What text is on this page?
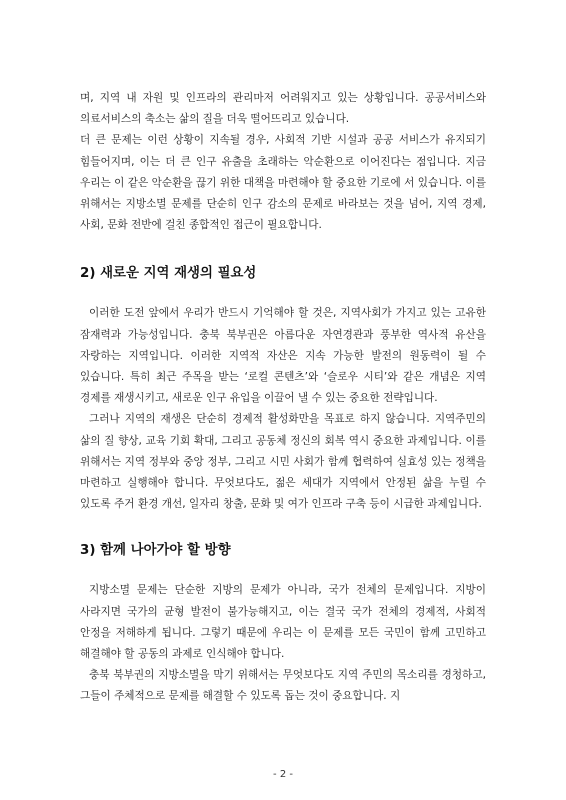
며, 지역 내 자원 및 인프라의 관리마저 어려워지고 있는 상황입니다. 공공서비스와 의료서비스의 축소는 삶의 질을 더욱 떨어뜨리고 있습니다.

더 큰 문제는 이런 상황이 지속될 경우, 사회적 기반 시설과 공공 서비스가 유지되기 힘들어지며, 이는 더 큰 인구 유출을 초래하는 악순환으로 이어진다는 점입니다. 지금 우리는 이 같은 악순환을 끊기 위한 대책을 마련해야 할 중요한 기로에 서 있습니다. 이를 위해서는 지방소멸 문제를 단순히 인구 감소의 문제로 바라보는 것을 넘어, 지역 경제, 사회, 문화 전반에 걸친 종합적인 접근이 필요합니다.

2) 새로운 지역 재생의 필요성

이러한 도전 앞에서 우리가 반드시 기억해야 할 것은, 지역사회가 가지고 있는 고유한 잠재력과 가능성입니다. 충북 북부권은 아름다운 자연경관과 풍부한 역사적 유산을 자랑하는 지역입니다. 이러한 지역적 자산은 지속 가능한 발전의 원동력이 될 수 있습니다. 특히 최근 주목을 받는 ‘로컬 콘텐츠’와 ‘슬로우 시티’와 같은 개념은 지역 경제를 재생시키고, 새로운 인구 유입을 이끌어 낼 수 있는 중요한 전략입니다.

그러나 지역의 재생은 단순히 경제적 활성화만을 목표로 하지 않습니다. 지역주민의 삶의 질 향상, 교육 기회 확대, 그리고 공동체 정신의 회복 역시 중요한 과제입니다. 이를 위해서는 지역 정부와 중앙 정부, 그리고 시민 사회가 함께 협력하여 실효성 있는 정책을 마련하고 실행해야 합니다. 무엇보다도, 젊은 세대가 지역에서 안정된 삶을 누릴 수 있도록 주거 환경 개선, 일자리 창출, 문화 및 여가 인프라 구축 등이 시급한 과제입니다.

3) 함께 나아가야 할 방향

지방소멸 문제는 단순한 지방의 문제가 아니라, 국가 전체의 문제입니다. 지방이 사라지면 국가의 균형 발전이 불가능해지고, 이는 결국 국가 전체의 경제적, 사회적 안정을 저해하게 됩니다. 그렇기 때문에 우리는 이 문제를 모든 국민이 함께 고민하고 해결해야 할 공동의 과제로 인식해야 합니다.

충북 북부권의 지방소멸을 막기 위해서는 무엇보다도 지역 주민의 목소리를 경청하고, 그들이 주체적으로 문제를 해결할 수 있도록 돕는 것이 중요합니다. 지

- 2 -
